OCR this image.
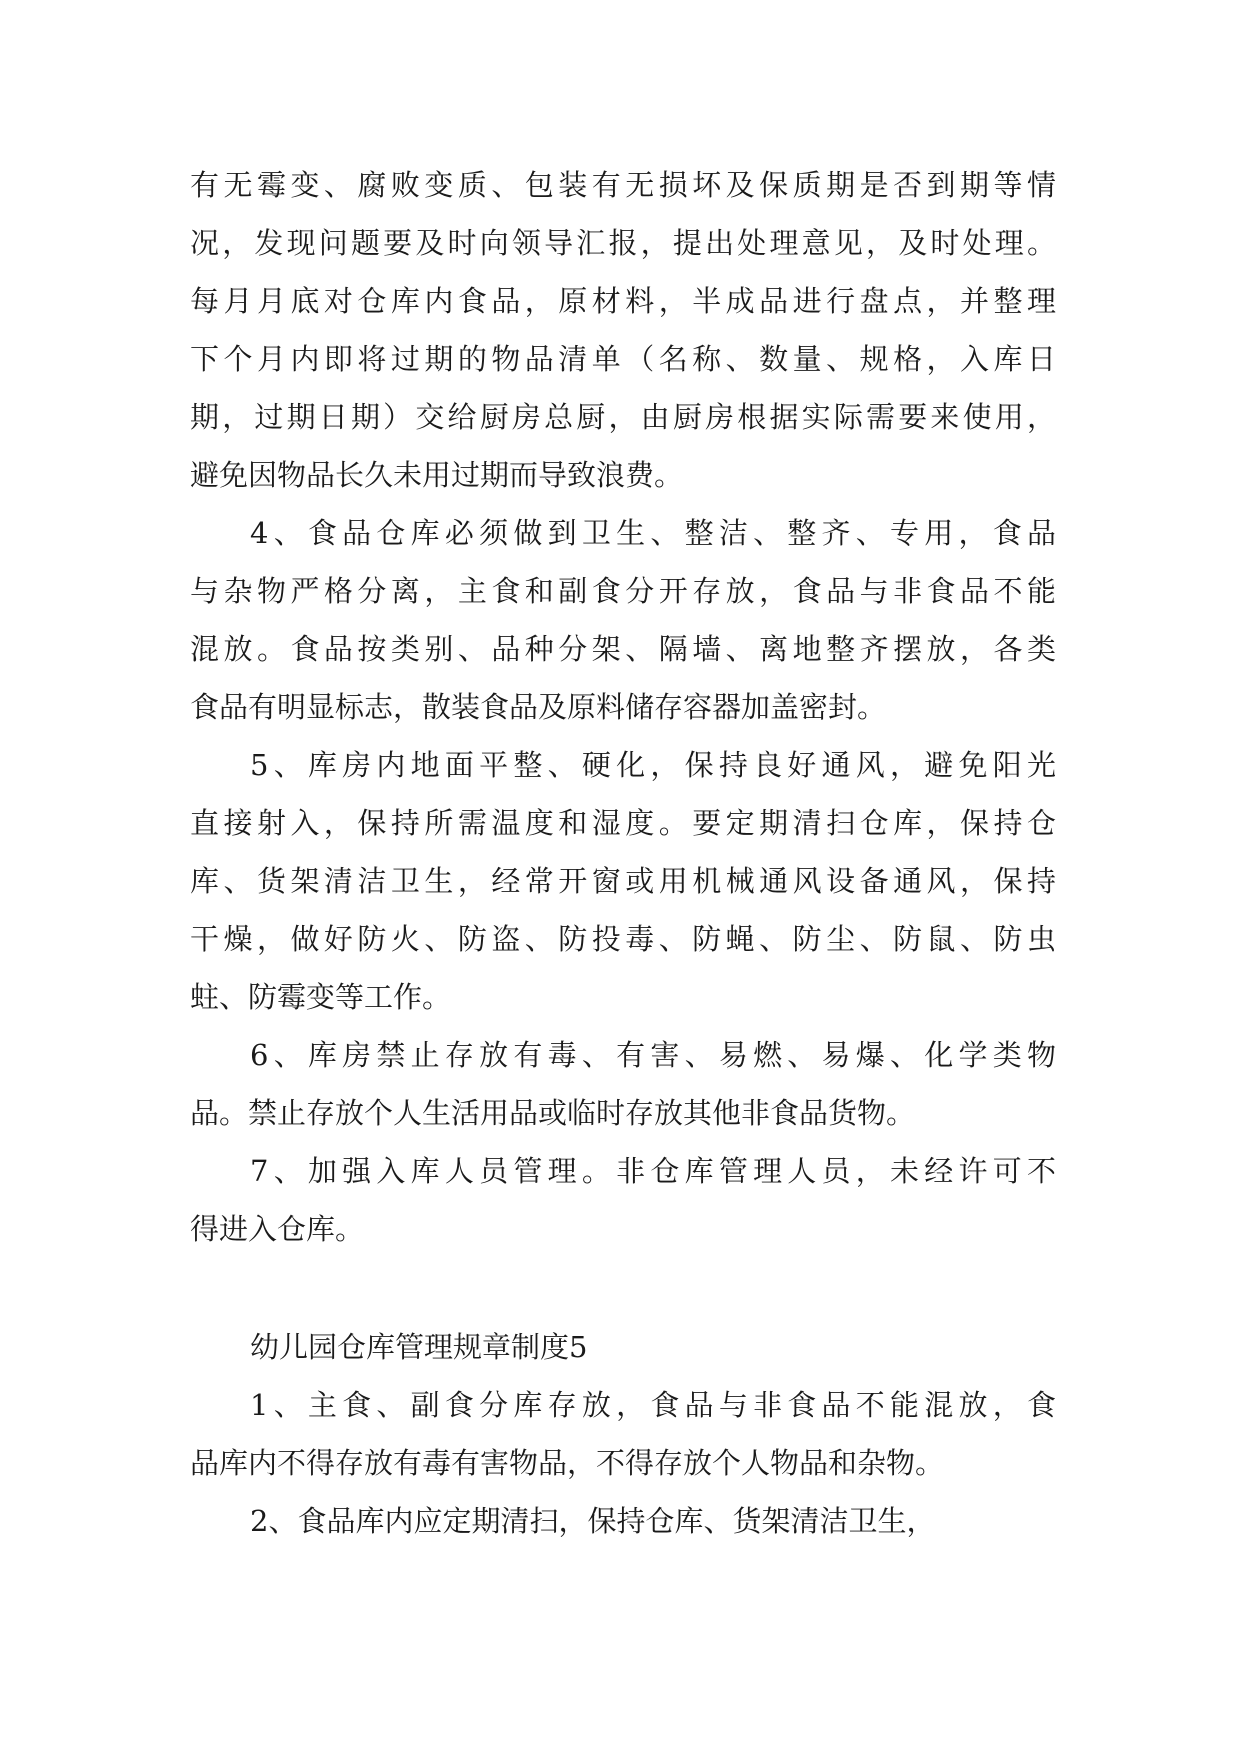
有无霉变、腐败变质、包装有无损坏及保质期是否到期等情
况，发现问题要及时向领导汇报，提出处理意见，及时处理。
每月月底对仓库内食品，原材料，半成品进行盘点，并整理
下个月内即将过期的物品清单（名称、数量、规格，入库日
期，过期日期）交给厨房总厨，由厨房根据实际需要来使用，
避免因物品长久未用过期而导致浪费。
4、食品仓库必须做到卫生、整洁、整齐、专用，食品
与杂物严格分离，主食和副食分开存放，食品与非食品不能
混放。食品按类别、品种分架、隔墙、离地整齐摆放，各类
食品有明显标志，散装食品及原料储存容器加盖密封。
5、库房内地面平整、硬化，保持良好通风，避免阳光
直接射入，保持所需温度和湿度。要定期清扫仓库，保持仓
库、货架清洁卫生，经常开窗或用机械通风设备通风，保持
干燥，做好防火、防盗、防投毒、防蝇、防尘、防鼠、防虫
蛀、防霉变等工作。
6、库房禁止存放有毒、有害、易燃、易爆、化学类物
品。禁止存放个人生活用品或临时存放其他非食品货物。
7、加强入库人员管理。非仓库管理人员，未经许可不
得进入仓库。
幼儿园仓库管理规章制度5
1、主食、副食分库存放，食品与非食品不能混放，食
品库内不得存放有毒有害物品，不得存放个人物品和杂物。
2、食品库内应定期清扫，保持仓库、货架清洁卫生，
